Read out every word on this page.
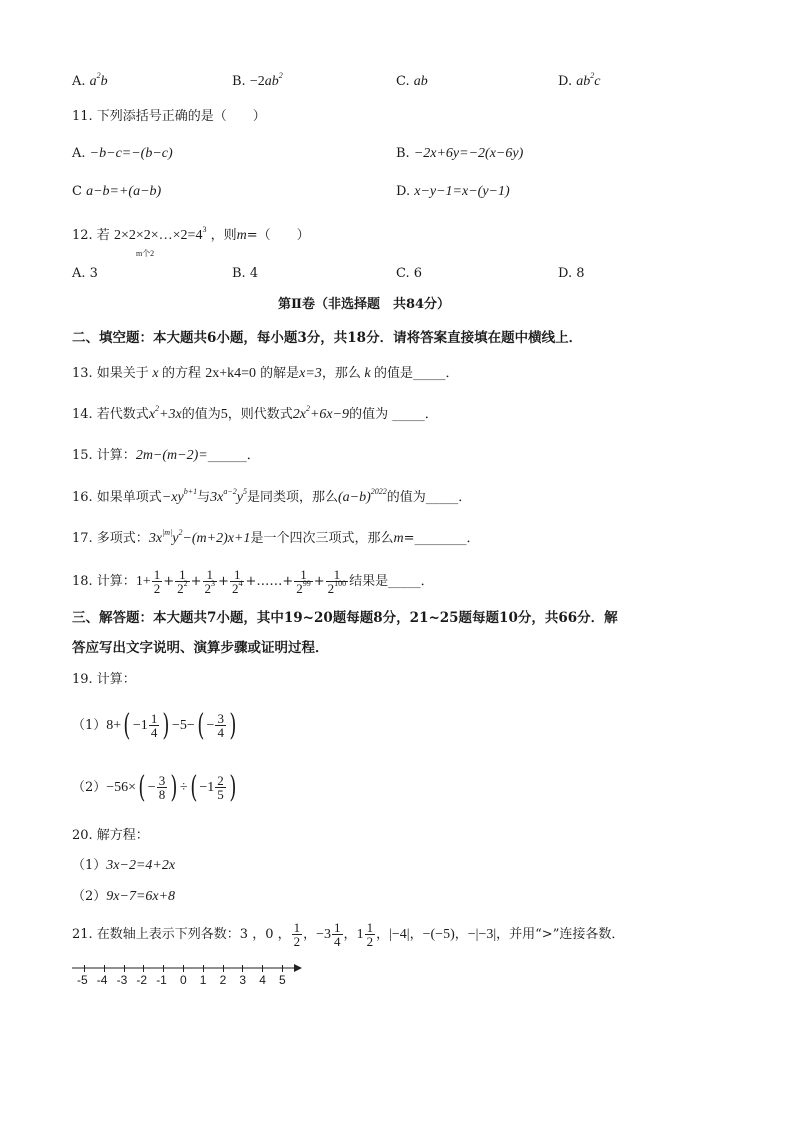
A. $a^2b$	B. $-2ab^2$	C. ab	D. $ab^2c$
11. 下列添括号正确的是（　　）
A. −b−c=−(b−c)	B. −2x+6y=−2(x−6y)
C a−b=+(a−b)	D. x−y−1=x−(y−1)
12. 若 2×2×2×…×2
m个2
$=4^3$ ，则m=（　　）
A. 3	B. 4	C. 6	D. 8
第Ⅱ卷（非选择题　共84分）
二、填空题：本大题共6小题，每小题3分，共18分．请将答案直接填在题中横线上．
13. 如果关于 x 的方程 2x+k4=0 的解是x=3，那么 k 的值是_____．
14. 若代数式$x^2+3x$的值为5，则代数式$2x^2+6x-9$的值为 _____．
15. 计算：2m−(m−2)=______．
16. 如果单项式$-xy^{b+1}$与$3x^{a-2}y^5$是同类项，那么$(a-b)^{2022}$的值为_____．
17. 多项式：$3x^{|m|}y^2-(m+2)x+1$是一个四次三项式，那么m=________．
18. 计算：$1+ \frac{1}{2} + \frac{1}{2^2} + \frac{1}{2^3} + \frac{1}{2^4}$ +……+ $\frac{1}{2^{99}} + \frac{1}{2^{100}}$ 结果是_____．
三、解答题：本大题共7小题，其中19~20题每题8分，21~25题每题10分，共66分．解
答应写出文字说明、演算步骤或证明过程．
19. 计算：
$(1)8+( -1 \frac{1}{4}$ ) $-5-( - \frac{3}{4}$ )
$(2)-56\times( - \frac{3}{8}$ ) ÷( $-1 \frac{2}{5}$ )
20. 解方程：
（1）3x−2=4+2x
（2）9x−7=6x+8
21. 在数轴上表示下列各数：3 ，0 ， $\frac{1}{2}$ ，$-3 \frac{1}{4}$ ，$1 \frac{1}{2}$ ，|−4|，−(−5)，−|−3|，并用“>”连接各数．
-5 -4 -3 -2 -1 0 1 2 3 4 5
